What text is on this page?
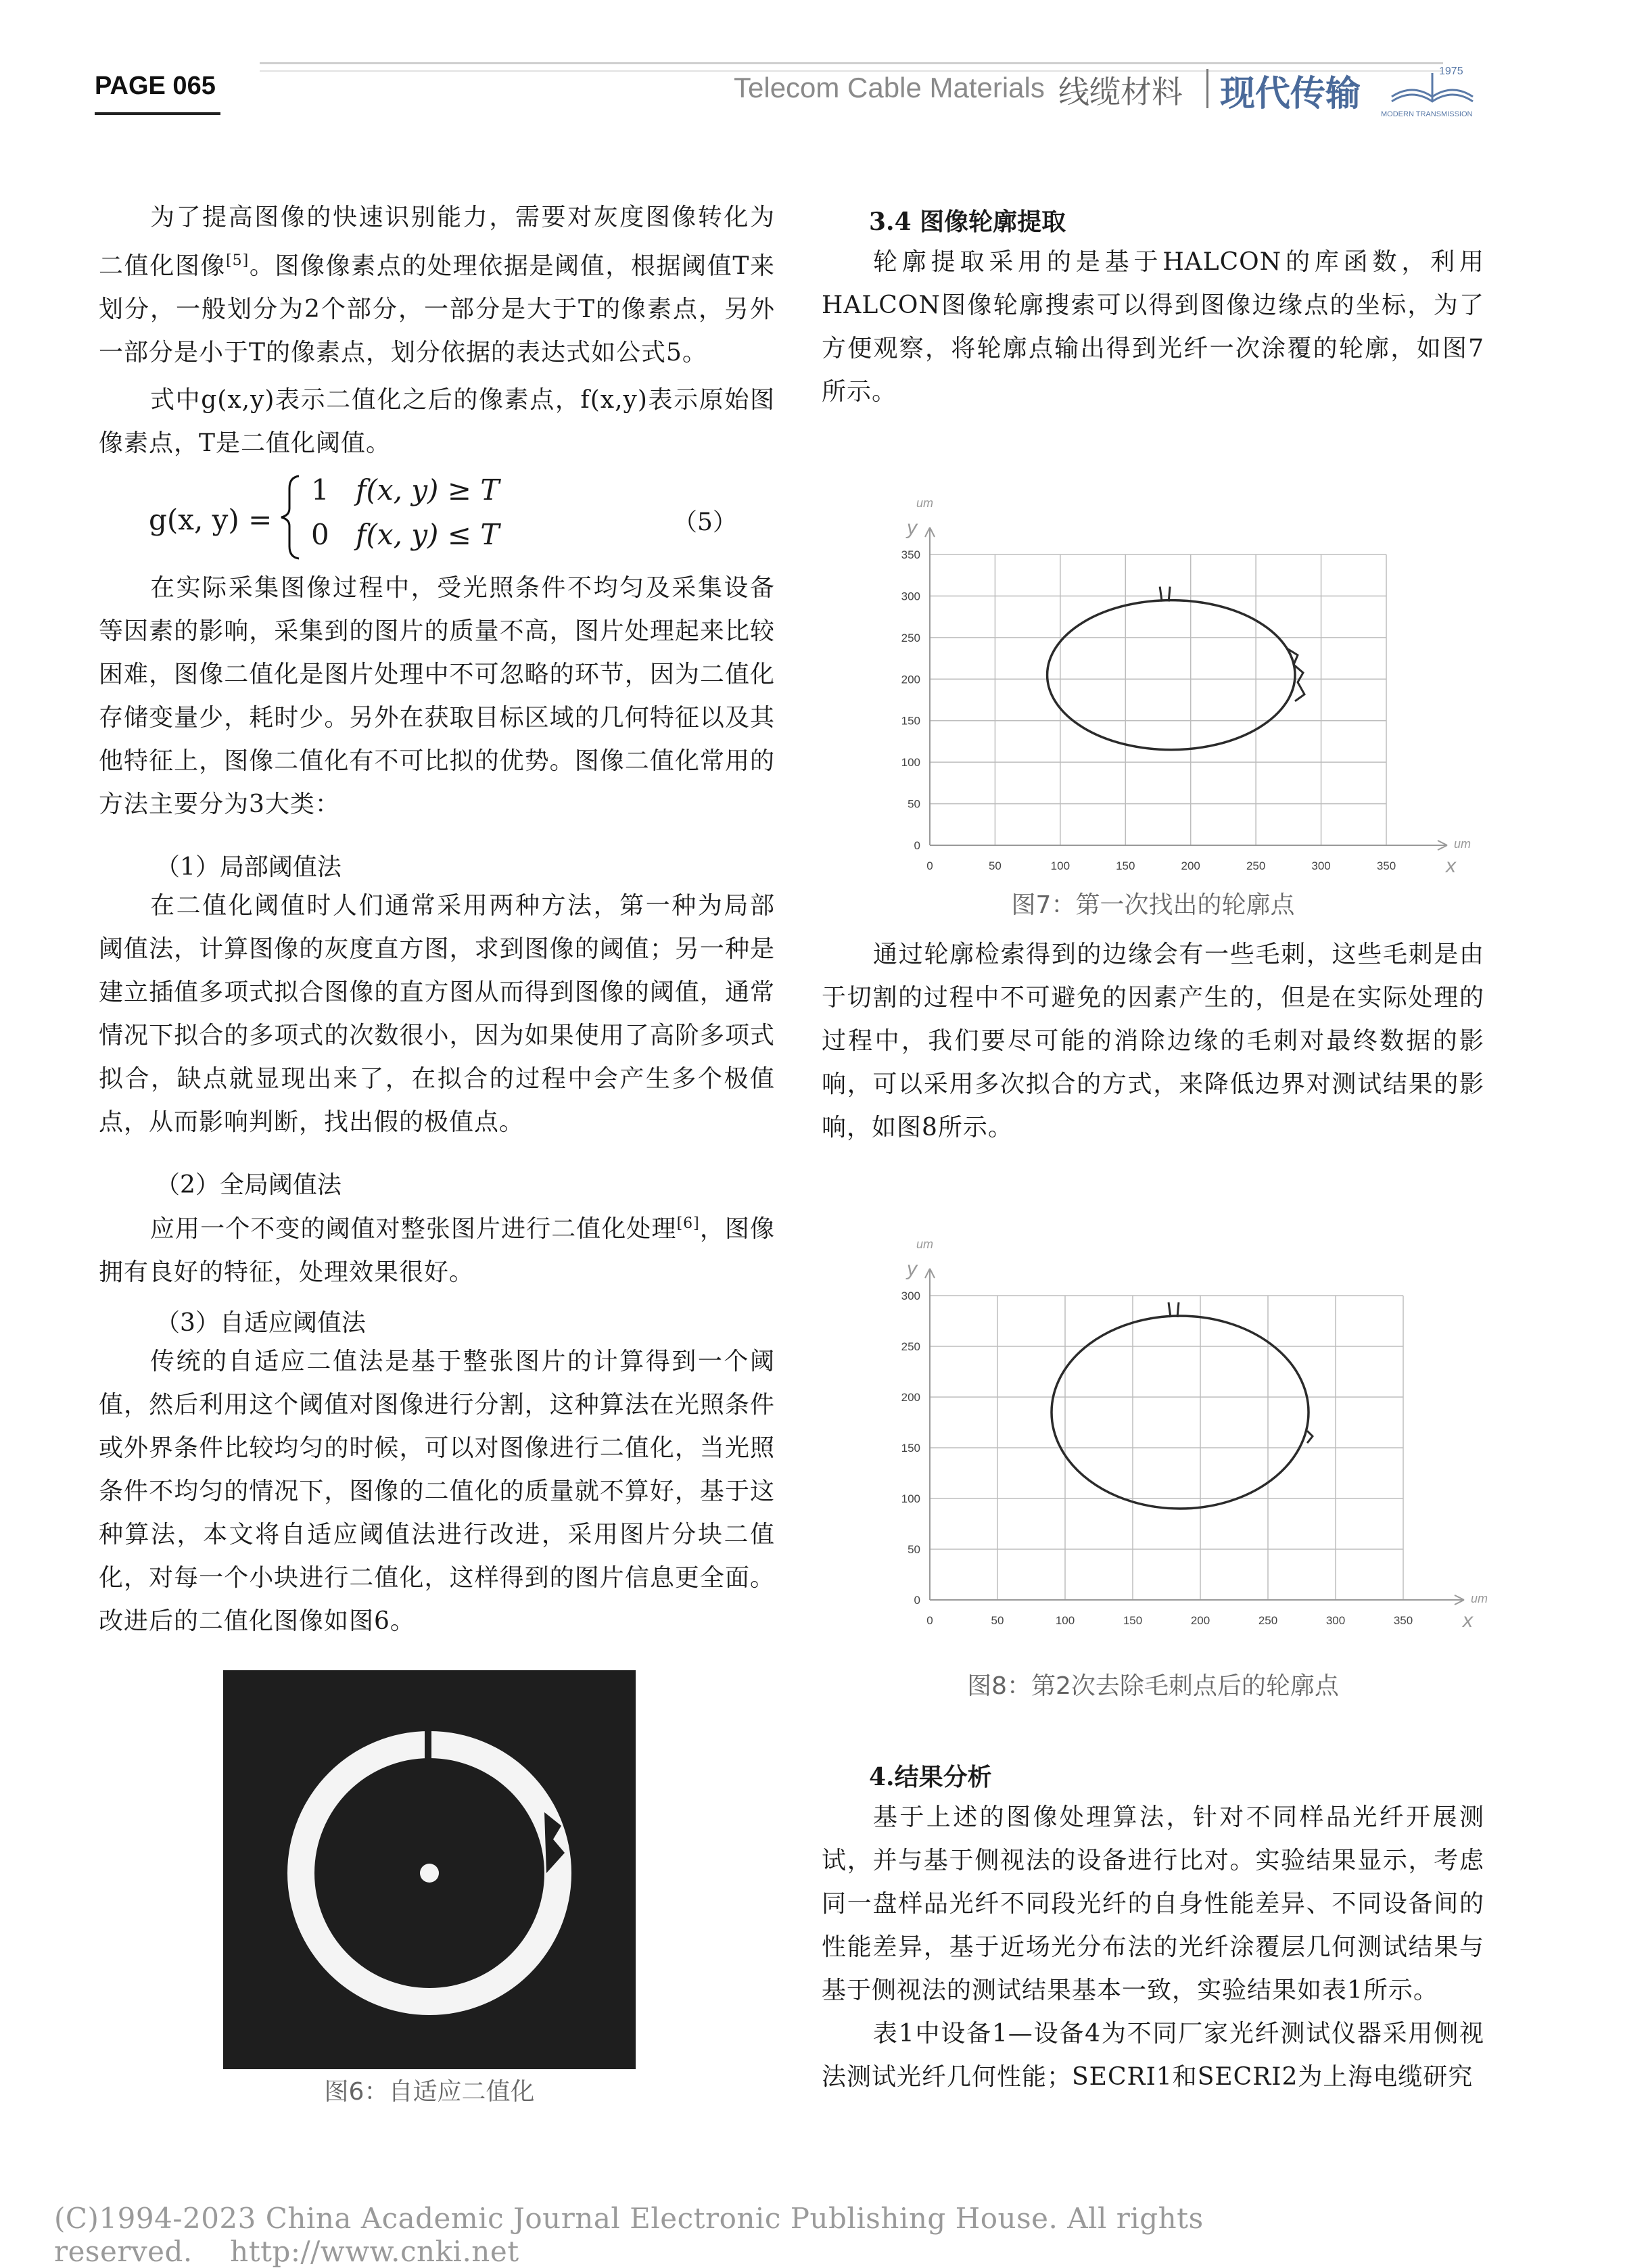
PAGE 065	Telecom Cable Materials 线缆材料 现代传输
1975
MODERN TRANSMISSION

为了提高图像的快速识别能力，需要对灰度图像转化为二值化图像[5]。图像像素点的处理依据是阈值，根据阈值T来划分，一般划分为2个部分，一部分是大于T的像素点，另外一部分是小于T的像素点，划分依据的表达式如公式5。

式中g(x,y)表示二值化之后的像素点，f(x,y)表示原始图像素点，T是二值化阈值。

g(x, y) =
1 f(x, y) ≥ T
0 f(x, y) ≤ T	（5）

在实际采集图像过程中，受光照条件不均匀及采集设备等因素的影响，采集到的图片的质量不高，图片处理起来比较困难，图像二值化是图片处理中不可忽略的环节，因为二值化存储变量少，耗时少。另外在获取目标区域的几何特征以及其他特征上，图像二值化有不可比拟的优势。图像二值化常用的方法主要分为3大类：

（1）局部阈值法

在二值化阈值时人们通常采用两种方法，第一种为局部阈值法，计算图像的灰度直方图，求到图像的阈值；另一种是建立插值多项式拟合图像的直方图从而得到图像的阈值，通常情况下拟合的多项式的次数很小，因为如果使用了高阶多项式拟合，缺点就显现出来了，在拟合的过程中会产生多个极值点，从而影响判断，找出假的极值点。

（2）全局阈值法

应用一个不变的阈值对整张图片进行二值化处理[6]，图像拥有良好的特征，处理效果很好。

（3）自适应阈值法

传统的自适应二值法是基于整张图片的计算得到一个阈值，然后利用这个阈值对图像进行分割，这种算法在光照条件或外界条件比较均匀的时候，可以对图像进行二值化，当光照条件不均匀的情况下，图像的二值化的质量就不算好，基于这种算法，本文将自适应阈值法进行改进，采用图片分块二值化，对每一个小块进行二值化，这样得到的图片信息更全面。改进后的二值化图像如图6。

图6：自适应二值化

3.4 图像轮廓提取

轮廓提取采用的是基于HALCON的库函数，利用HALCON图像轮廓搜索可以得到图像边缘点的坐标，为了方便观察，将轮廓点输出得到光纤一次涂覆的轮廓，如图7所示。

0	50	100	150	200	250	300	350
0
50
100
150
200
250
300
350
um
x
um
y
图7：第一次找出的轮廓点

通过轮廓检索得到的边缘会有一些毛刺，这些毛刺是由于切割的过程中不可避免的因素产生的，但是在实际处理的过程中，我们要尽可能的消除边缘的毛刺对最终数据的影响，可以采用多次拟合的方式，来降低边界对测试结果的影响，如图8所示。

0	50	100	150	200	250	300	350
0
50
100
150
200
250
300
um
x
um
y
图8：第2次去除毛刺点后的轮廓点

4.结果分析

基于上述的图像处理算法，针对不同样品光纤开展测试，并与基于侧视法的设备进行比对。实验结果显示，考虑同一盘样品光纤不同段光纤的自身性能差异、不同设备间的性能差异，基于近场光分布法的光纤涂覆层几何测试结果与基于侧视法的测试结果基本一致，实验结果如表1所示。

表1中设备1—设备4为不同厂家光纤测试仪器采用侧视法测试光纤几何性能；SECRI1和SECRI2为上海电缆研究

(C)1994-2023 China Academic Journal Electronic Publishing House. All rights reserved.    http://www.cnki.net
